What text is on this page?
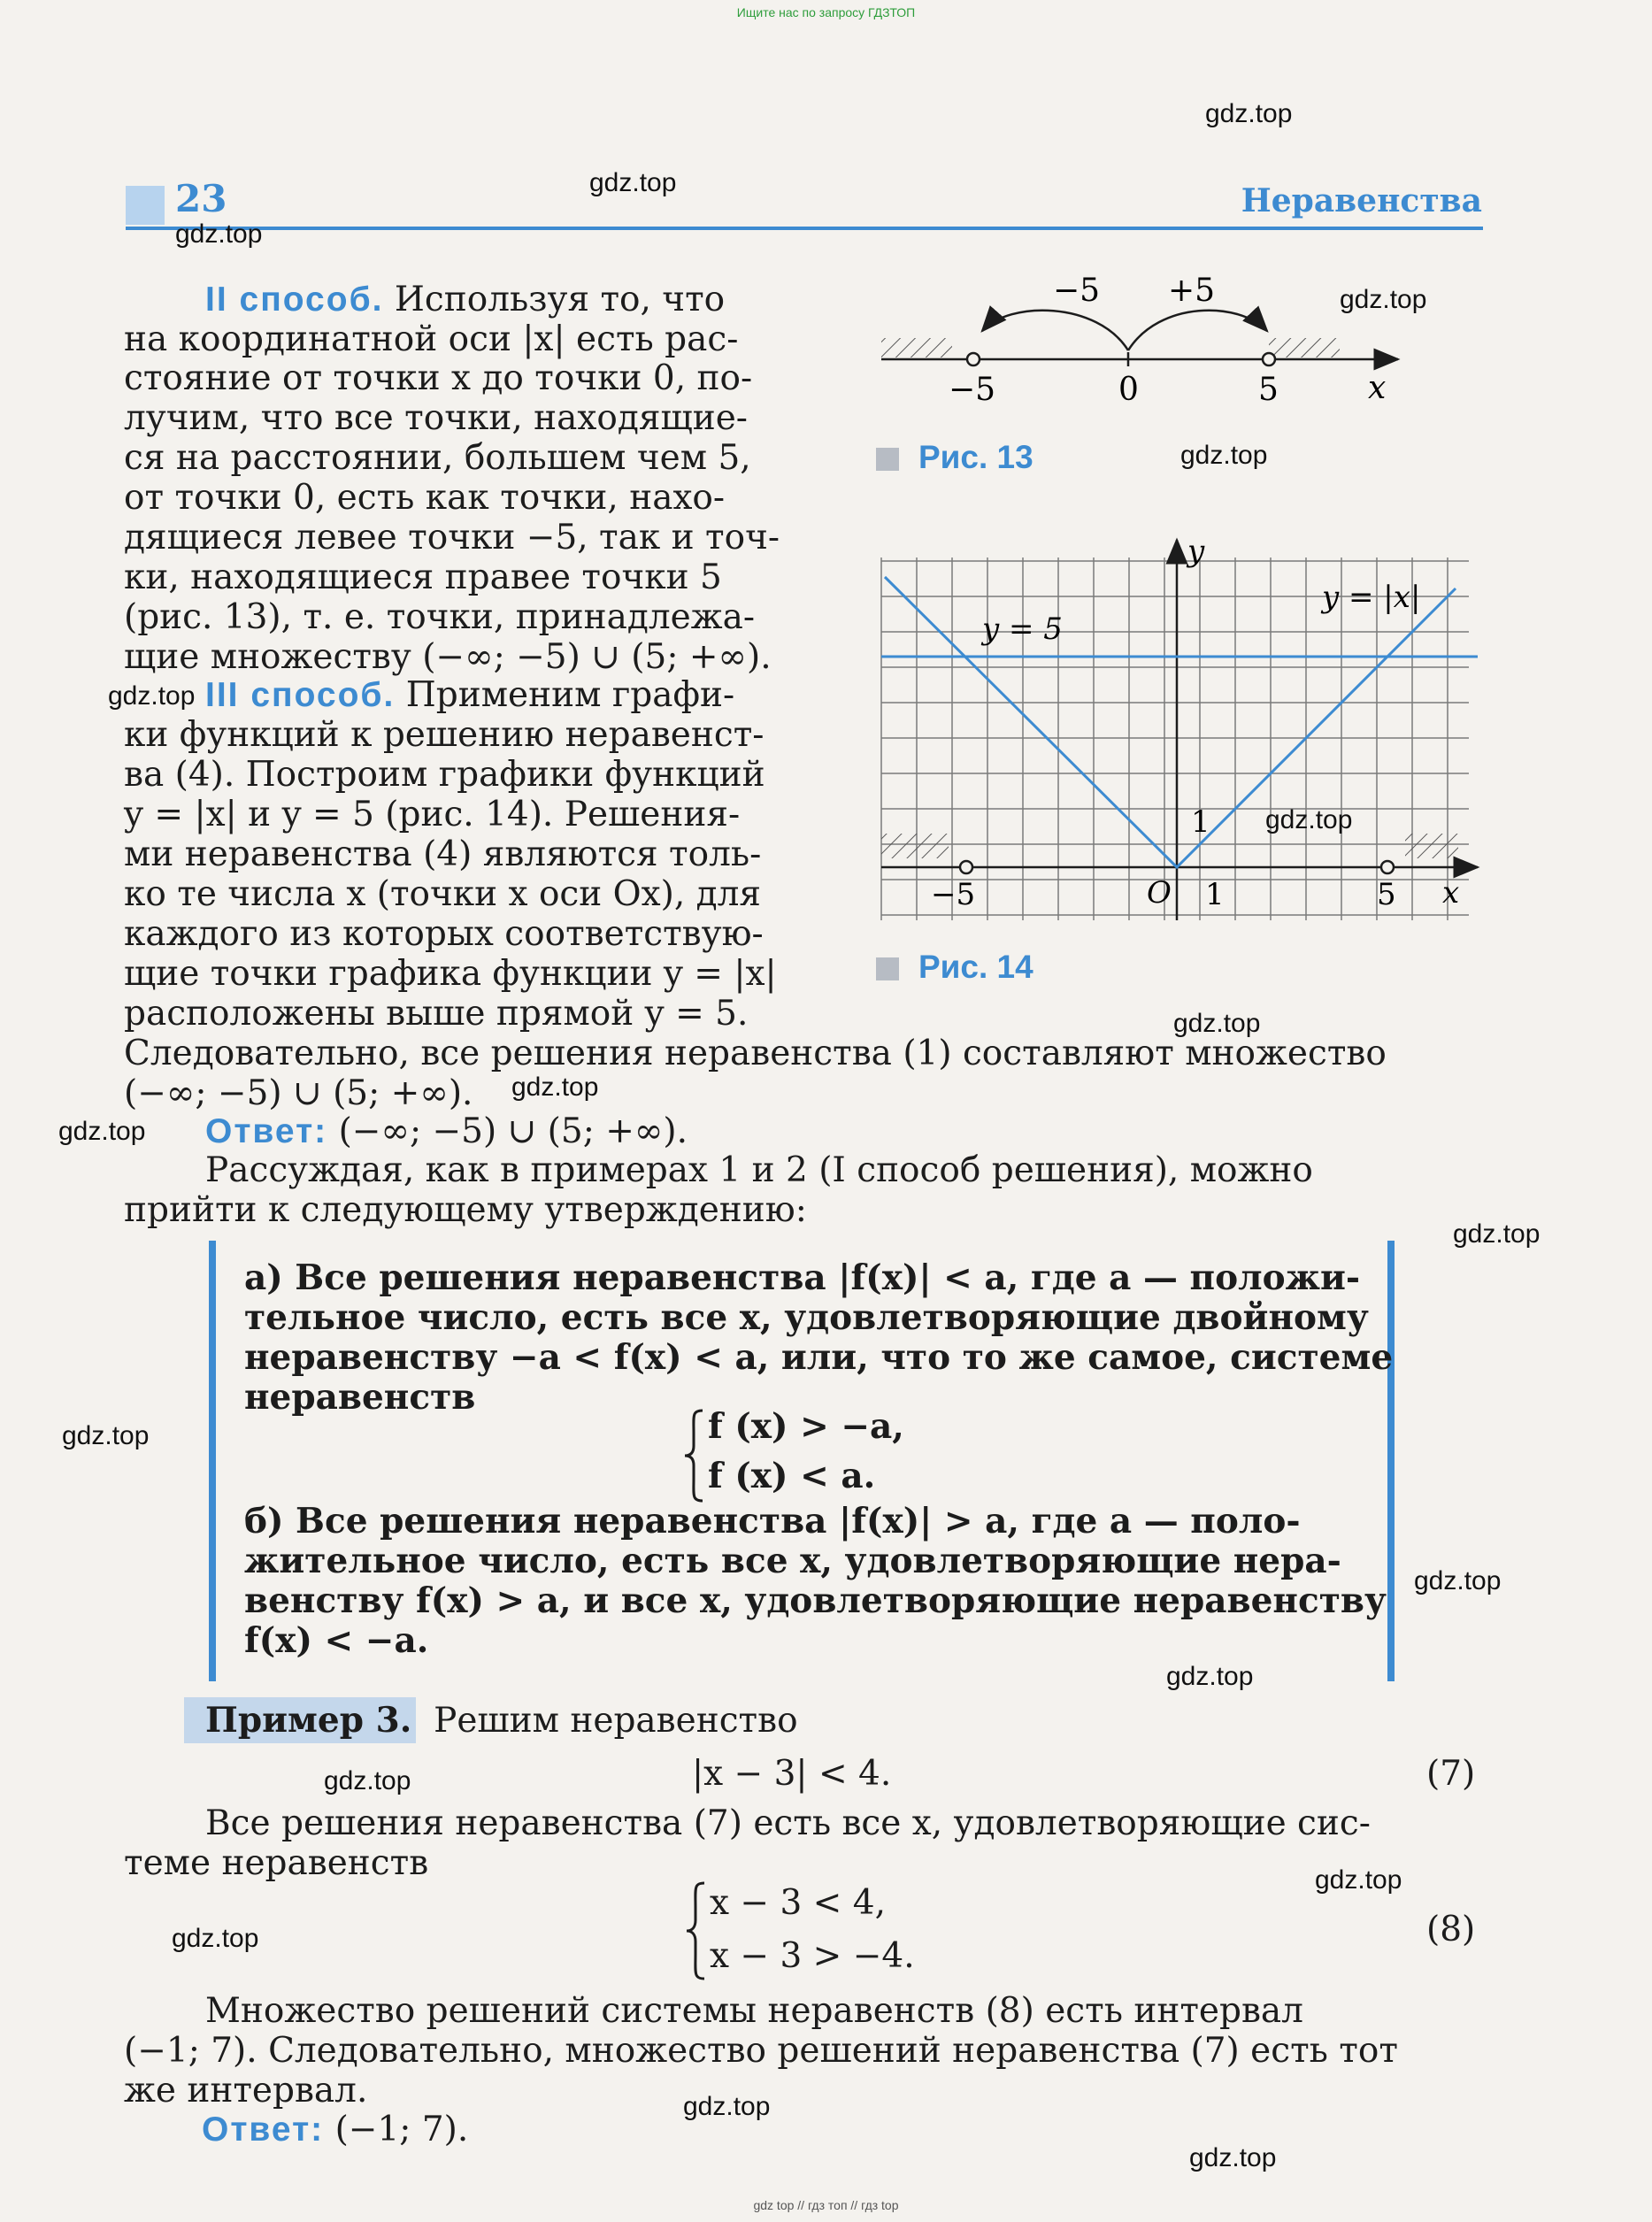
Ищите нас по запросу ГДЗТОП
23	Неравенства
II способ. Используя то, что
на координатной оси |x| есть рас-
стояние от точки x до точки 0, по-
лучим, что все точки, находящие-
ся на расстоянии, большем чем 5,
от точки 0, есть как точки, нахо-
дящиеся левее точки −5, так и точ-
ки, находящиеся правее точки 5
(рис. 13), т. е. точки, принадлежа-
щие множеству (−∞; −5) ∪ (5; +∞).
III способ. Применим графи-
ки функций к решению неравенст-
ва (4). Построим графики функций
y = |x| и y = 5 (рис. 14). Решения-
ми неравенства (4) являются толь-
ко те числа x (точки x оси Ox), для
каждого из которых соответствую-
щие точки графика функции y = |x|
расположены выше прямой y = 5.
Следовательно, все решения неравенства (1) составляют множество
(−∞; −5) ∪ (5; +∞).
Ответ: (−∞; −5) ∪ (5; +∞).
Рассуждая, как в примерах 1 и 2 (I способ решения), можно
прийти к следующему утверждению:
а) Все решения неравенства |f(x)| < a, где a — положи-
тельное число, есть все x, удовлетворяющие двойному
неравенству −a < f(x) < a, или, что то же самое, системе
неравенств
f (x) > −a,
f (x) < a.
б) Все решения неравенства |f(x)| > a, где a — поло-
жительное число, есть все x, удовлетворяющие нера-
венству f(x) > a, и все x, удовлетворяющие неравенству
f(x) < −a.
Пример 3. Решим неравенство
|x − 3| < 4.	(7)
Все решения неравенства (7) есть все x, удовлетворяющие сис-
теме неравенств
x − 3 < 4,
x − 3 > −4.
(8)
Множество решений системы неравенств (8) есть интервал
(−1; 7). Следовательно, множество решений неравенства (7) есть тот
же интервал.
Ответ: (−1; 7).
−5 +5
−5	0	5	x
Рис. 13
y
y = |x|
y = 5
1
−5	O 1	5 x
Рис. 14
gdz.top
gdz.top
gdz.top
gdz.top
gdz.top
gdz.top
gdz.top
gdz.top
gdz.top
gdz.top
gdz.top
gdz.top
gdz.top
gdz.top
gdz.top
gdz.top
gdz.top
gdz.top
gdz.top
gdz top // гдз топ // гдз top
